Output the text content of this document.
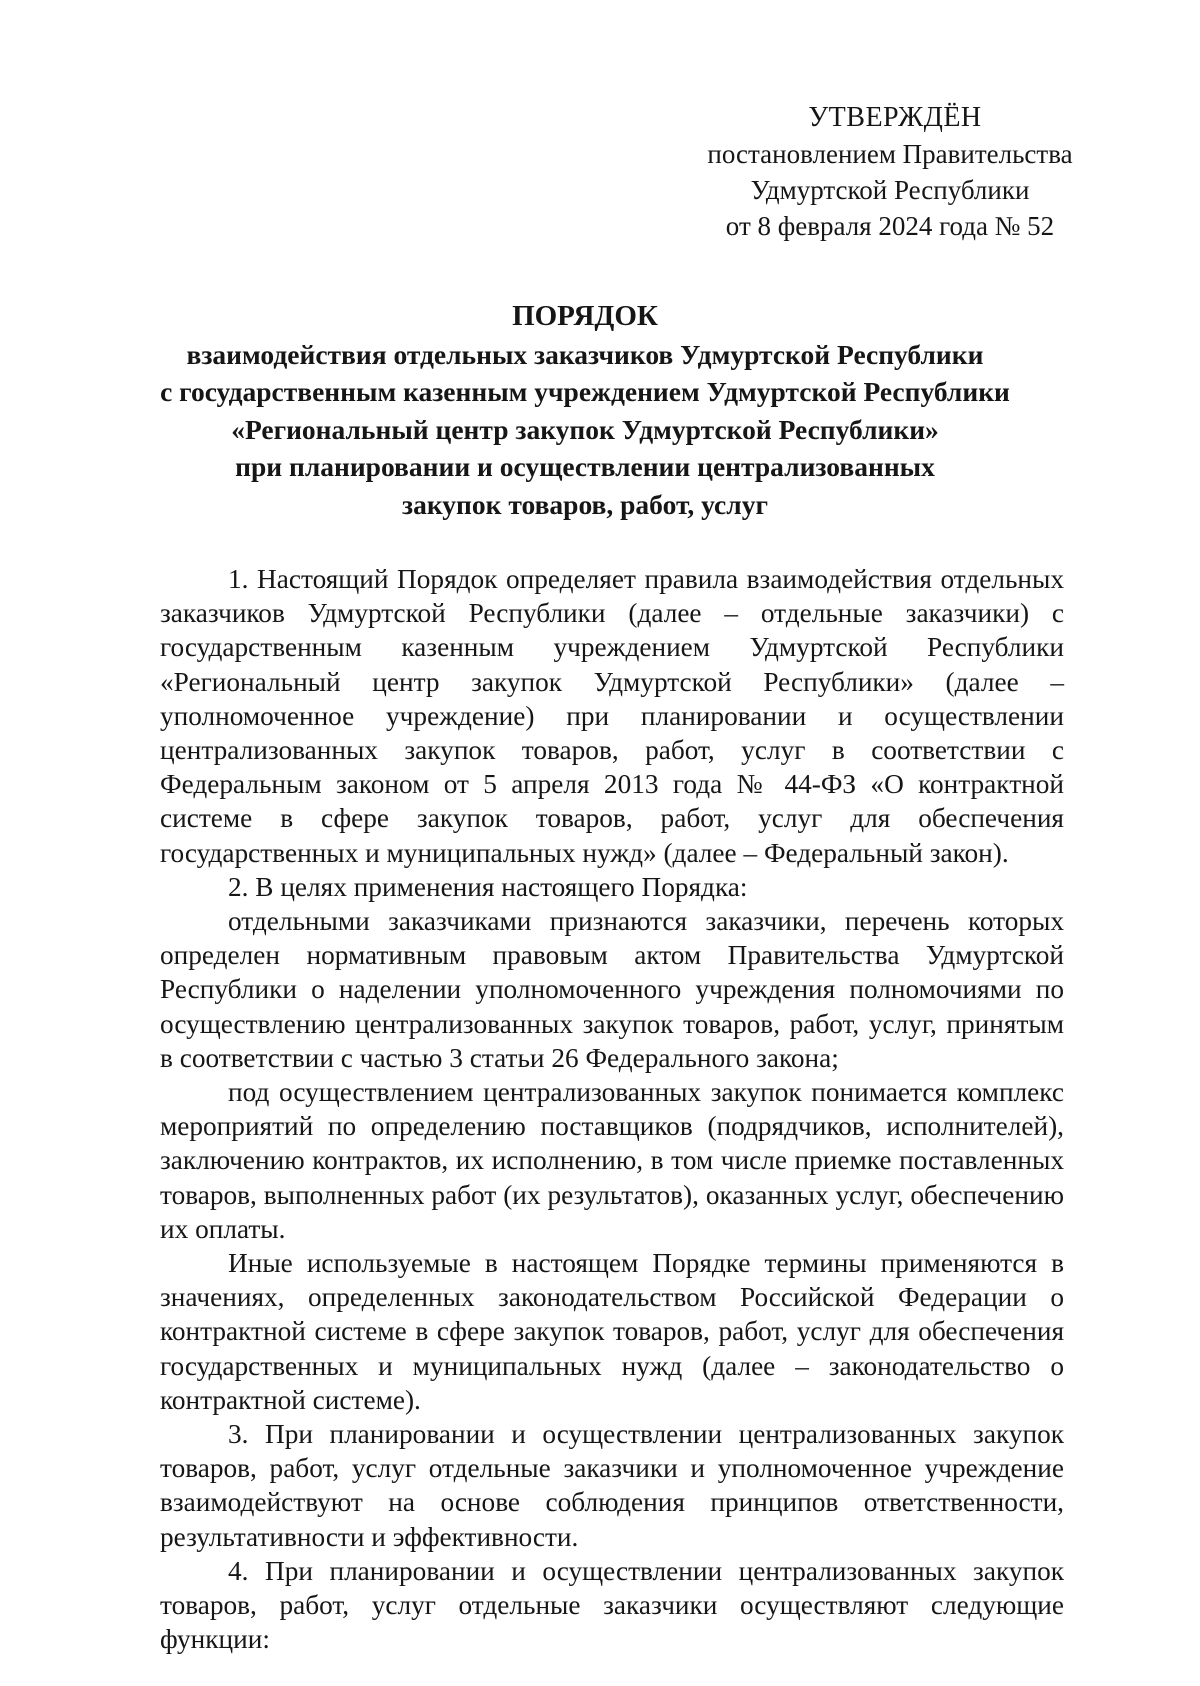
УТВЕРЖДЁН
постановлением Правительства
Удмуртской Республики
от 8 февраля 2024 года № 52
ПОРЯДОК
взаимодействия отдельных заказчиков Удмуртской Республики
с государственным казенным учреждением Удмуртской Республики
«Региональный центр закупок Удмуртской Республики»
при планировании и осуществлении централизованных
закупок товаров, работ, услуг

1. Настоящий Порядок определяет правила взаимодействия отдельных заказчиков Удмуртской Республики (далее – отдельные заказчики) с государственным казенным учреждением Удмуртской Республики «Региональный центр закупок Удмуртской Республики» (далее – уполномоченное учреждение) при планировании и осуществлении централизованных закупок товаров, работ, услуг в соответствии с Федеральным законом от 5 апреля 2013 года № 44-ФЗ «О контрактной системе в сфере закупок товаров, работ, услуг для обеспечения государственных и муниципальных нужд» (далее – Федеральный закон).

2. В целях применения настоящего Порядка:

отдельными заказчиками признаются заказчики, перечень которых определен нормативным правовым актом Правительства Удмуртской Республики о наделении уполномоченного учреждения полномочиями по осуществлению централизованных закупок товаров, работ, услуг, принятым в соответствии с частью 3 статьи 26 Федерального закона;

под осуществлением централизованных закупок понимается комплекс мероприятий по определению поставщиков (подрядчиков, исполнителей), заключению контрактов, их исполнению, в том числе приемке поставленных товаров, выполненных работ (их результатов), оказанных услуг, обеспечению их оплаты.

Иные используемые в настоящем Порядке термины применяются в значениях, определенных законодательством Российской Федерации о контрактной системе в сфере закупок товаров, работ, услуг для обеспечения государственных и муниципальных нужд (далее – законодательство о контрактной системе).

3. При планировании и осуществлении централизованных закупок товаров, работ, услуг отдельные заказчики и уполномоченное учреждение взаимодействуют на основе соблюдения принципов ответственности, результативности и эффективности.

4. При планировании и осуществлении централизованных закупок товаров, работ, услуг отдельные заказчики осуществляют следующие функции:
